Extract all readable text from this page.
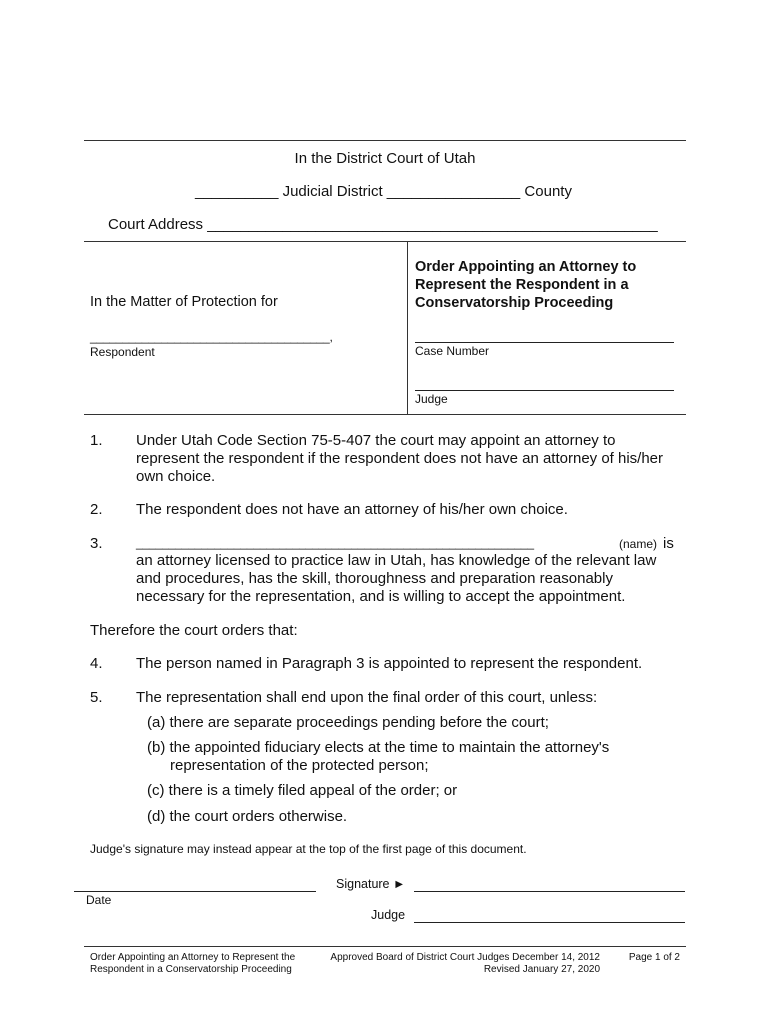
In the District Court of Utah
__________ Judicial District ________________ County
Court Address ______________________________________________________
In the Matter of Protection for
_____________________________________,
Respondent
Order Appointing an Attorney to Represent the Respondent in a Conservatorship Proceeding
Case Number
Judge
1. Under Utah Code Section 75-5-407 the court may appoint an attorney to represent the respondent if the respondent does not have an attorney of his/her own choice.
2. The respondent does not have an attorney of his/her own choice.
3.	_____________________________________________________________	(name) is
an attorney licensed to practice law in Utah, has knowledge of the relevant law and procedures, has the skill, thoroughness and preparation reasonably necessary for the representation, and is willing to accept the appointment.
Therefore the court orders that:
4. The person named in Paragraph 3 is appointed to represent the respondent.
5. The representation shall end upon the final order of this court, unless:
(a) there are separate proceedings pending before the court;
(b) the appointed fiduciary elects at the time to maintain the attorney's
representation of the protected person;
(c) there is a timely filed appeal of the order; or
(d) the court orders otherwise.
Judge's signature may instead appear at the top of the first page of this document.
Signature ►
Date
Judge
Order Appointing an Attorney to Represent the
Respondent in a Conservatorship Proceeding
Approved Board of District Court Judges December 14, 2012
Revised January 27, 2020
Page 1 of 2
